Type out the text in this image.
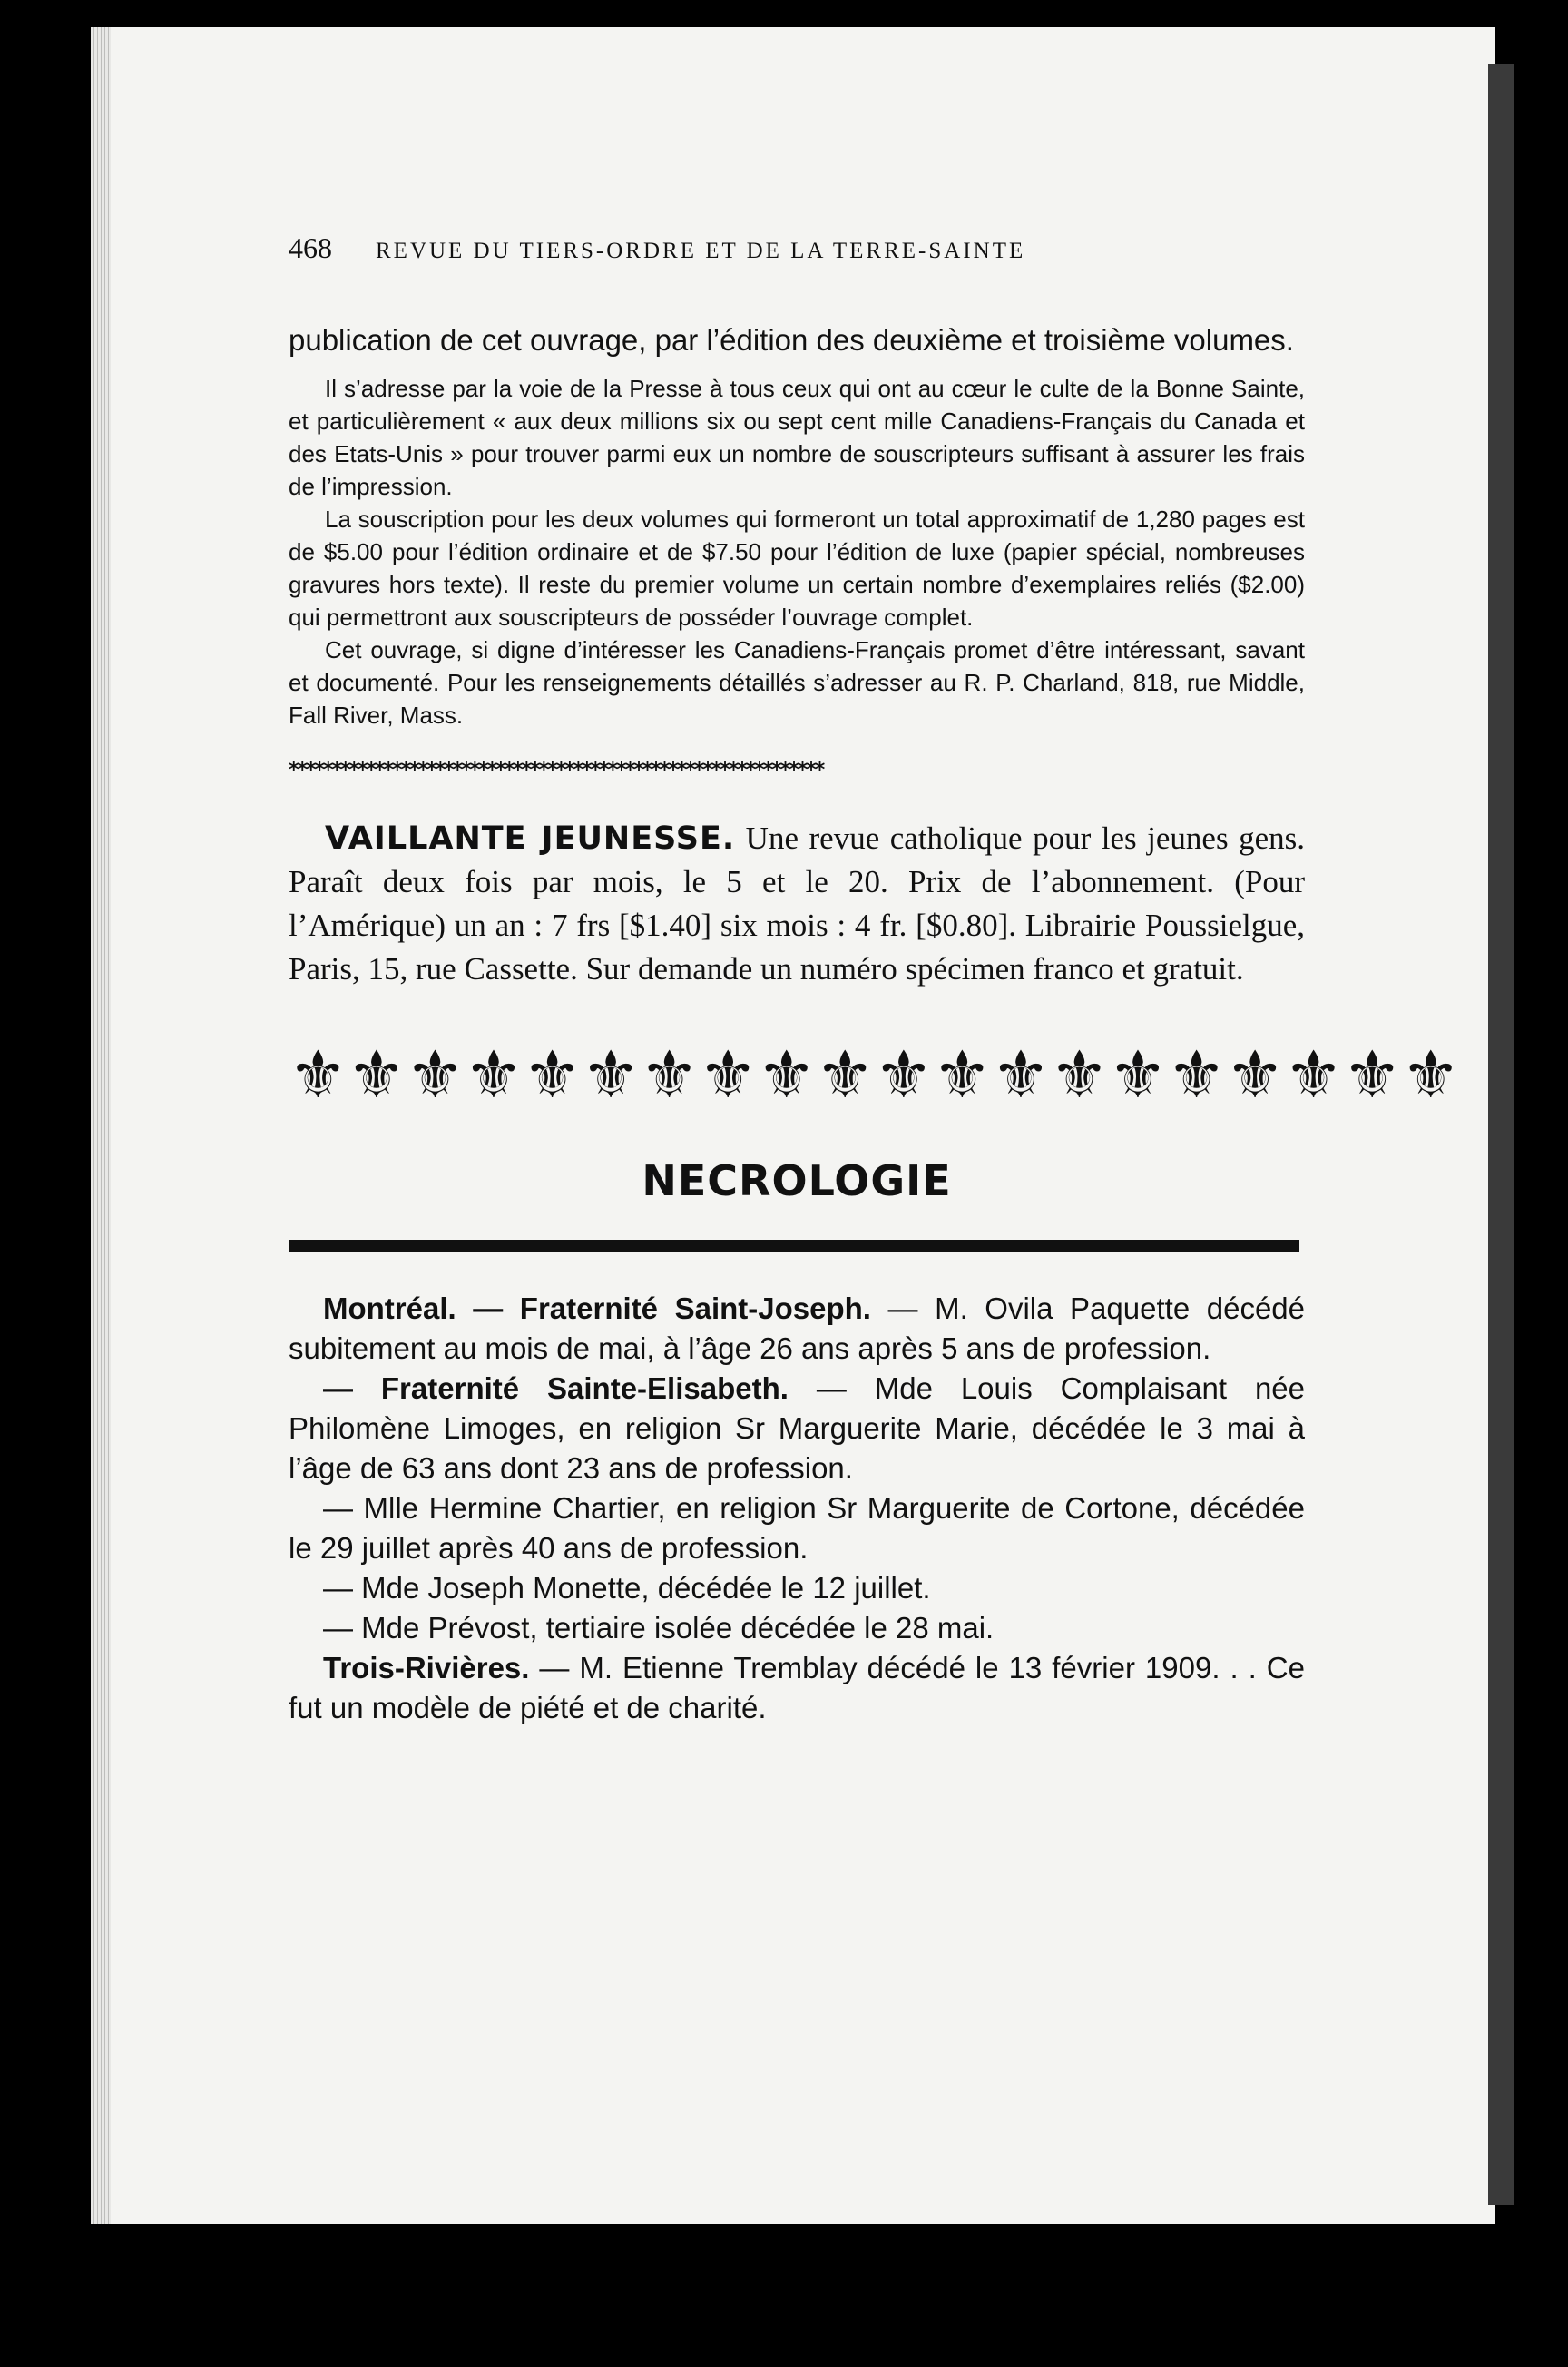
468 REVUE DU TIERS-ORDRE ET DE LA TERRE-SAINTE

publication de cet ouvrage, par l’édition des deuxième et troisième volumes.

Il s’adresse par la voie de la Presse à tous ceux qui ont au cœur le culte de la Bonne Sainte, et particulièrement « aux deux millions six ou sept cent mille Canadiens-Français du Canada et des Etats-Unis » pour trouver parmi eux un nombre de souscripteurs suffisant à assurer les frais de l’impression.

La souscription pour les deux volumes qui formeront un total approximatif de 1,280 pages est de $5.00 pour l’édition ordinaire et de $7.50 pour l’édition de luxe (papier spécial, nombreuses gravures hors texte). Il reste du premier volume un certain nombre d’exemplaires reliés ($2.00) qui permettront aux souscripteurs de posséder l’ouvrage complet.

Cet ouvrage, si digne d’intéresser les Canadiens-Français promet d’être intéressant, savant et documenté. Pour les renseignements détaillés s’adresser au R. P. Charland, 818, rue Middle, Fall River, Mass.

**************************************************************

VAILLANTE JEUNESSE. Une revue catholique pour les jeunes gens. Paraît deux fois par mois, le 5 et le 20. Prix de l’abonnement. (Pour l’Amérique) un an : 7 frs [$1.40] six mois : 4 fr. [$0.80]. Librairie Poussielgue, Paris, 15, rue Cassette. Sur demande un numéro spécimen franco et gratuit.

⚜ ⚜ ⚜ ⚜ ⚜ ⚜ ⚜ ⚜ ⚜ ⚜ ⚜ ⚜ ⚜ ⚜ ⚜ ⚜ ⚜ ⚜ ⚜ ⚜
NECROLOGIE

Montréal. — Fraternité Saint-Joseph. — M. Ovila Paquette décédé subitement au mois de mai, à l’âge 26 ans après 5 ans de profession.

— Fraternité Sainte-Elisabeth. — Mde Louis Complaisant née Philomène Limoges, en religion Sr Marguerite Marie, décédée le 3 mai à l’âge de 63 ans dont 23 ans de profession.

— Mlle Hermine Chartier, en religion Sr Marguerite de Cortone, décédée le 29 juillet après 40 ans de profession.

— Mde Joseph Monette, décédée le 12 juillet.

— Mde Prévost, tertiaire isolée décédée le 28 mai.

Trois-Rivières. — M. Etienne Tremblay décédé le 13 février 1909. . . Ce fut un modèle de piété et de charité.
